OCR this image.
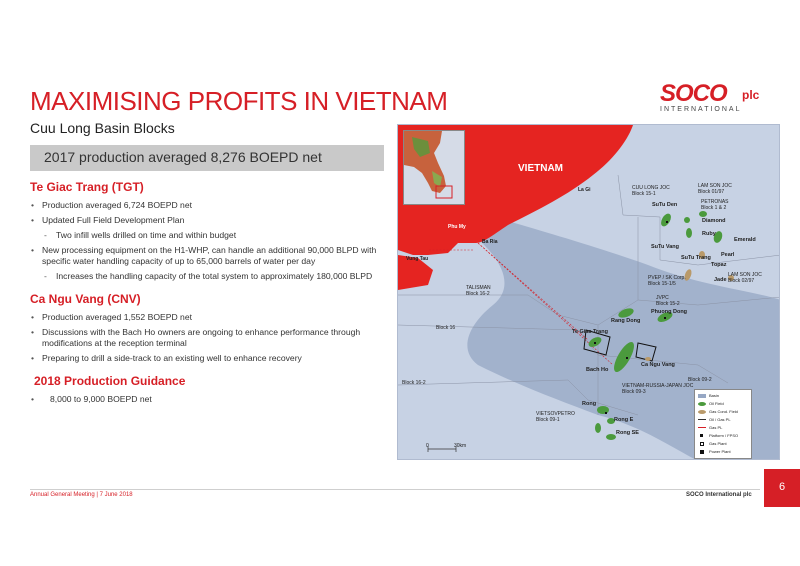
MAXIMISING PROFITS IN VIETNAM
Cuu Long Basin Blocks
SOCO plc
INTERNATIONAL
2017 production averaged 8,276 BOEPD net
Te Giac Trang (TGT)
• Production averaged 6,724 BOEPD net
• Updated Full Field Development Plan
- Two infill wells drilled on time and within budget
• New processing equipment on the H1-WHP, can handle an additional 90,000 BLPD with specific water handling capacity of up to 65,000 barrels of water per day
- Increases the handling capacity of the total system to approximately 180,000 BLPD
Ca Ngu Vang (CNV)
• Production averaged 1,552 BOEPD net
• Discussions with the Bach Ho owners are ongoing to enhance performance through modifications at the reception terminal
• Preparing to drill a side-track to an existing well to enhance recovery
2018 Production Guidance
• 8,000 to 9,000 BOEPD net
VIETNAM
La Gi
Phu My
Ba Ria
Vung Tau
CUU LONG JOC
Block 15-1
LAM SON JOC
Block 01/97
PETRONAS
Block 1 & 2
PVEP / SK Corp.
Block 15-1/5
JVPC
Block 15-2
LAM SON JOC
Block 02/97
TALISMAN
Block 16-2
Block 16
Block 16-2	VIETNAM-RUSSIA-JAPAN JOC
Block 09-3
Block 09-2
VIETSOVPETRO
Block 09-1
SuTu Den
SuTu Vang
SuTu Trang
Diamond
Ruby
Emerald
Pearl
Topaz
Jade
Rang Dong
Phuong Dong
Te Giac Trang
Bach Ho
Ca Ngu Vang
Rong
Rong E
Rong SE
0	30km
Basin
Oil Field
Gas Cond. Field
Oil / Gas PL
Gas PL
Platform / FPSO
Gas Plant
Power Plant
Annual General Meeting | 7 June 2018	SOCO International plc
6
